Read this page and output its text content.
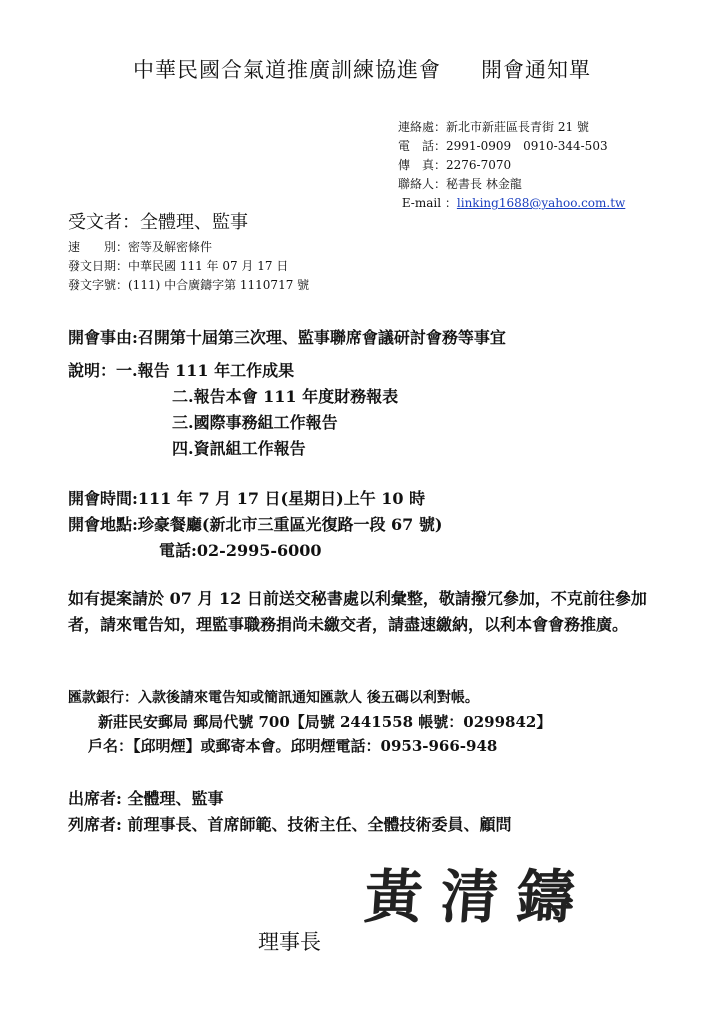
中華民國合氣道推廣訓練協進會 開會通知單
連絡處：新北市新莊區長青街 21 號
電　話：2991-0909　0910-344-503
傳　真：2276-7070
聯絡人：秘書長 林金龍
E-mail ：linking1688@yahoo.com.tw
受文者：全體理、監事
速　　別：密等及解密條件
發文日期：中華民國 111 年 07 月 17 日
發文字號：(111) 中合廣鑄字第 1110717 號
開會事由:召開第十屆第三次理、監事聯席會議研討會務等事宜
說明： 一.報告 111 年工作成果
二.報告本會 111 年度財務報表
三.國際事務組工作報告
四.資訊組工作報告
開會時間:111 年 7 月 17 日(星期日)上午 10 時
開會地點:珍豪餐廳(新北市三重區光復路一段 67 號)
電話:02-2995-6000
如有提案請於 07 月 12 日前送交秘書處以利彙整，敬請撥冗參加，不克前往參加者，請來電告知，理監事職務捐尚未繳交者，請盡速繳納，以利本會會務推廣。
匯款銀行：入款後請來電告知或簡訊通知匯款人 後五碼以利對帳。
新莊民安郵局 郵局代號 700【局號 2441558 帳號：0299842】
戶名：【邱明煙】或郵寄本會。邱明煙電話：0953-966-948
出席者: 全體理、監事
列席者: 前理事長、首席師範、技術主任、全體技術委員、顧問
理事長
黃清鑄
